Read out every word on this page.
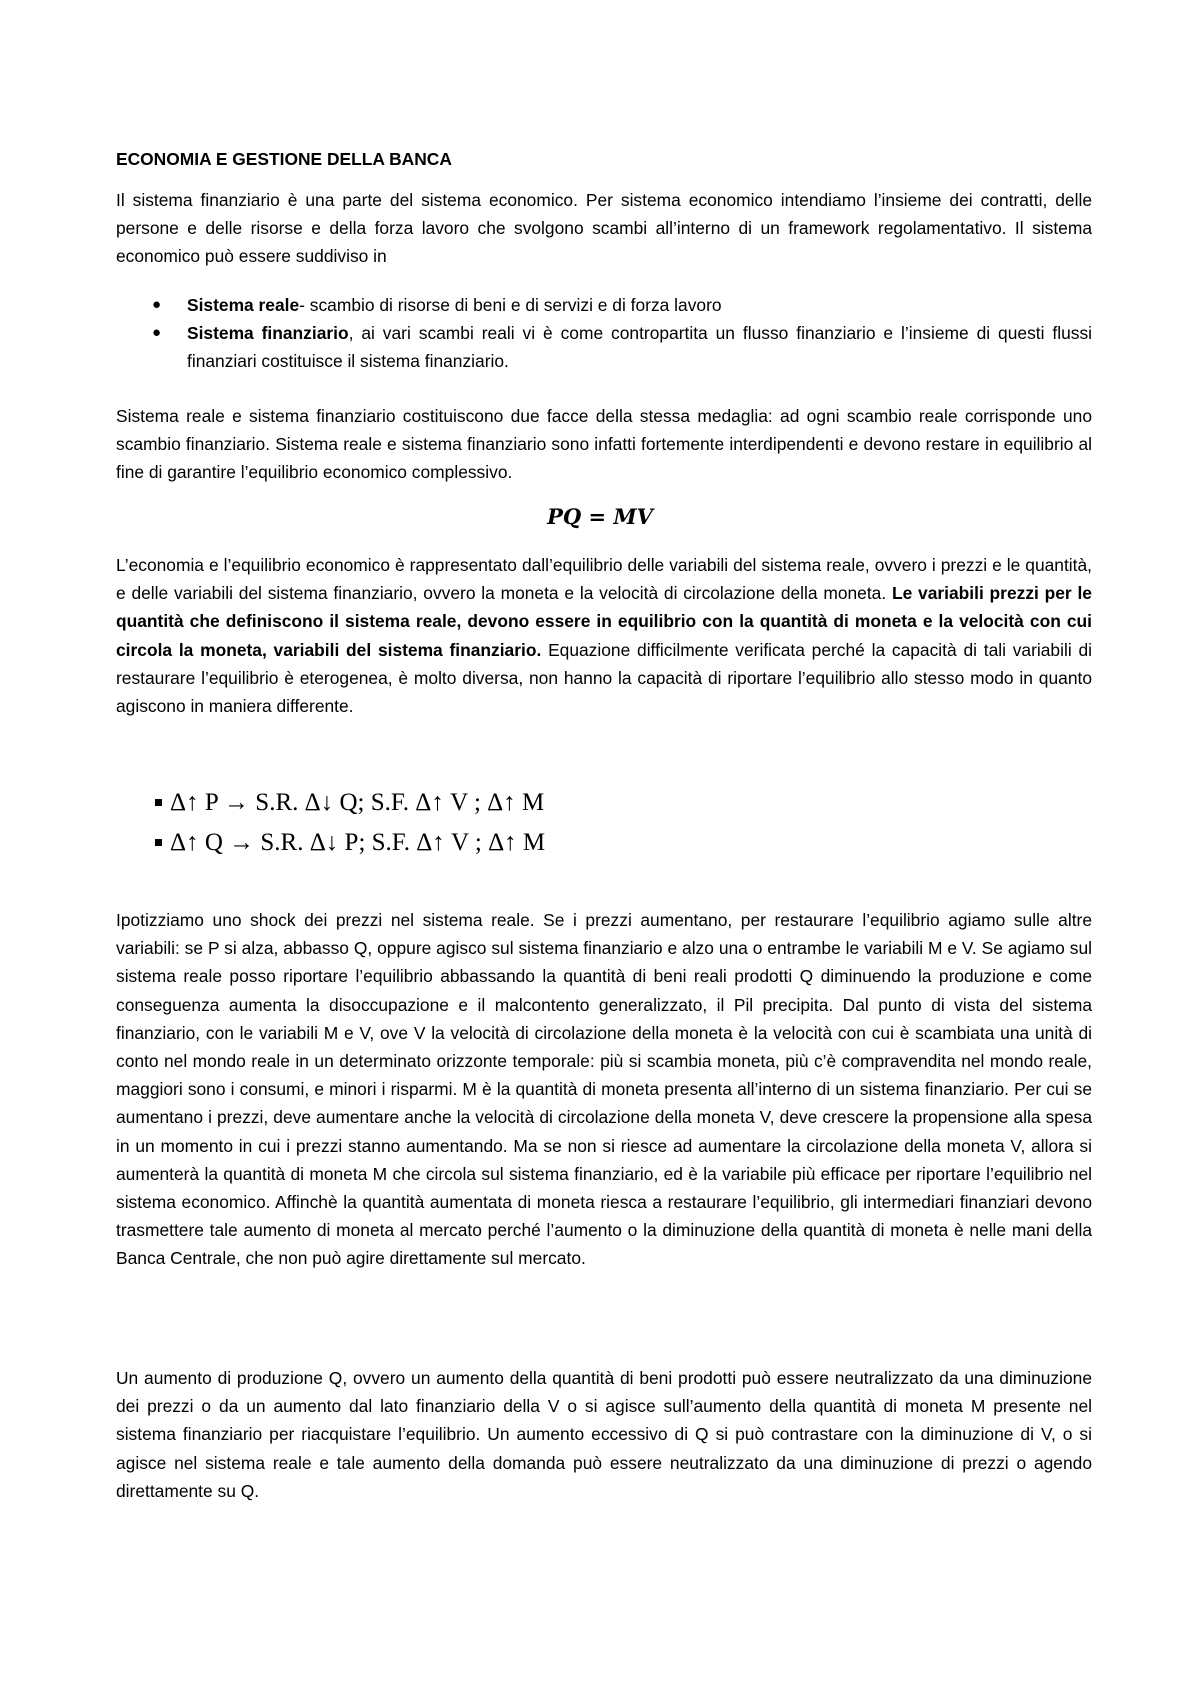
ECONOMIA E GESTIONE DELLA BANCA

Il sistema finanziario è una parte del sistema economico. Per sistema economico intendiamo l’insieme dei contratti, delle persone e delle risorse e della forza lavoro che svolgono scambi all’interno di un framework regolamentativo. Il sistema economico può essere suddiviso in

● Sistema reale- scambio di risorse di beni e di servizi e di forza lavoro
● Sistema finanziario, ai vari scambi reali vi è come contropartita un flusso finanziario e l’insieme di questi flussi finanziari costituisce il sistema finanziario.

Sistema reale e sistema finanziario costituiscono due facce della stessa medaglia: ad ogni scambio reale corrisponde uno scambio finanziario. Sistema reale e sistema finanziario sono infatti fortemente interdipendenti e devono restare in equilibrio al fine di garantire l’equilibrio economico complessivo.

PQ = MV

L’economia e l’equilibrio economico è rappresentato dall’equilibrio delle variabili del sistema reale, ovvero i prezzi e le quantità, e delle variabili del sistema finanziario, ovvero la moneta e la velocità di circolazione della moneta. Le variabili prezzi per le quantità che definiscono il sistema reale, devono essere in equilibrio con la quantità di moneta e la velocità con cui circola la moneta, variabili del sistema finanziario. Equazione difficilmente verificata perché la capacità di tali variabili di restaurare l’equilibrio è eterogenea, è molto diversa, non hanno la capacità di riportare l’equilibrio allo stesso modo in quanto agiscono in maniera differente.

Δ↑ P → S.R. Δ↓ Q; S.F. Δ↑ V ; Δ↑ M
Δ↑ Q → S.R. Δ↓ P; S.F. Δ↑ V ; Δ↑ M

Ipotizziamo uno shock dei prezzi nel sistema reale. Se i prezzi aumentano, per restaurare l’equilibrio agiamo sulle altre variabili: se P si alza, abbasso Q, oppure agisco sul sistema finanziario e alzo una o entrambe le variabili M e V. Se agiamo sul sistema reale posso riportare l’equilibrio abbassando la quantità di beni reali prodotti Q diminuendo la produzione e come conseguenza aumenta la disoccupazione e il malcontento generalizzato, il Pil precipita. Dal punto di vista del sistema finanziario, con le variabili M e V, ove V la velocità di circolazione della moneta è la velocità con cui è scambiata una unità di conto nel mondo reale in un determinato orizzonte temporale: più si scambia moneta, più c’è compravendita nel mondo reale, maggiori sono i consumi, e minori i risparmi. M è la quantità di moneta presenta all’interno di un sistema finanziario. Per cui se aumentano i prezzi, deve aumentare anche la velocità di circolazione della moneta V, deve crescere la propensione alla spesa in un momento in cui i prezzi stanno aumentando. Ma se non si riesce ad aumentare la circolazione della moneta V, allora si aumenterà la quantità di moneta M che circola sul sistema finanziario, ed è la variabile più efficace per riportare l’equilibrio nel sistema economico. Affinchè la quantità aumentata di moneta riesca a restaurare l’equilibrio, gli intermediari finanziari devono trasmettere tale aumento di moneta al mercato perché l’aumento o la diminuzione della quantità di moneta è nelle mani della Banca Centrale, che non può agire direttamente sul mercato.

Un aumento di produzione Q, ovvero un aumento della quantità di beni prodotti può essere neutralizzato da una diminuzione dei prezzi o da un aumento dal lato finanziario della V o si agisce sull’aumento della quantità di moneta M presente nel sistema finanziario per riacquistare l’equilibrio. Un aumento eccessivo di Q si può contrastare con la diminuzione di V, o si agisce nel sistema reale e tale aumento della domanda può essere neutralizzato da una diminuzione di prezzi o agendo direttamente su Q.
